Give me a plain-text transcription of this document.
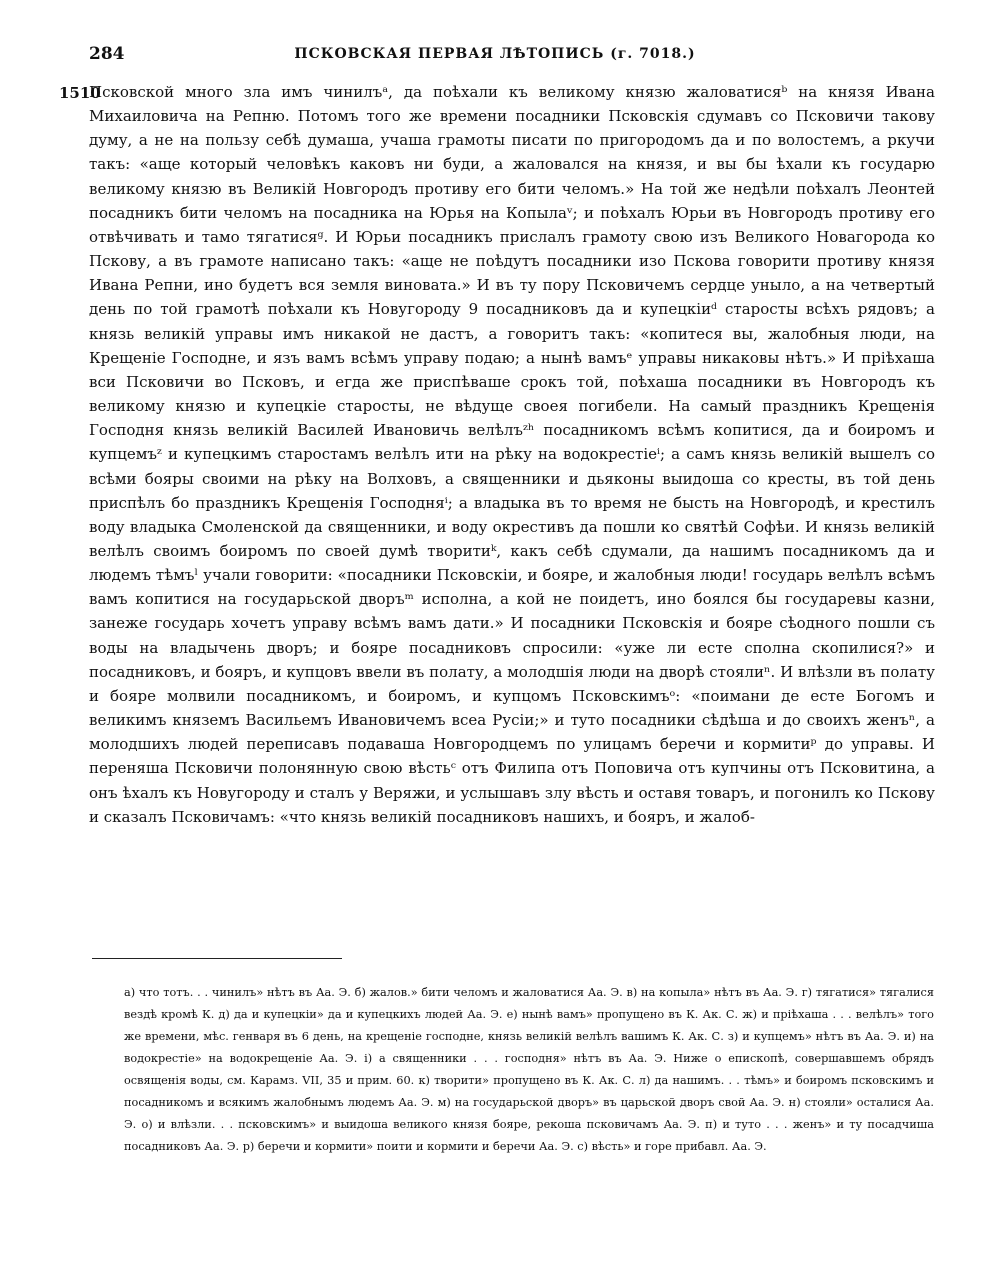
284	ПСКОВСКАЯ ПЕРВАЯ ЛѢТОПИСЬ (г. 7018.)
1510
Псковской много зла имъ чинилъᵃ, да поѣхали къ великому князю жаловатисяᵇ на князя Ивана Михаиловича на Репню. Потомъ того же времени посадники Псковскія сдумавъ со Псковичи такову думу, а не на пользу себѣ думаша, учаша грамоты писати по пригородомъ да и по волостемъ, а ркучи такъ: «аще который человѣкъ каковъ ни буди, а жаловался на князя, и вы бы ѣхали къ государю великому князю въ Великій Новгородъ противу его бити челомъ.» На той же недѣли поѣхалъ Леонтей посадникъ бити челомъ на посадника на Юрья на Копылаᵛ; и поѣхалъ Юрьи въ Новгородъ противу его отвѣчивать и тамо тягатисяᵍ. И Юрьи посадникъ прислалъ грамоту свою изъ Великого Новагорода ко Пскову, а въ грамоте написано такъ: «аще не поѣдутъ посадники изо Пскова говорити противу князя Ивана Репни, ино будетъ вся земля виновата.» И въ ту пору Псковичемъ сердце уныло, а на четвертый день по той грамотѣ поѣхали къ Новугороду 9 посадниковъ да и купецкіиᵈ старосты всѣхъ рядовъ; а князь великій управы имъ никакой не дастъ, а говоритъ такъ: «копитеся вы, жалобныя люди, на Крещеніе Господне, и язъ вамъ всѣмъ управу подаю; а нынѣ вамъᵉ управы никаковы нѣтъ.» И пріѣхаша вси Псковичи во Псковъ, и егда же приспѣваше срокъ той, поѣхаша посадники въ Новгородъ къ великому князю и купецкіе старосты, не вѣдуще своея погибели. На самый праздникъ Крещенія Господня князь великій Василей Ивановичь велѣлъᶻʰ посадникомъ всѣмъ копитися, да и боиромъ и купцемъᶻ и купецкимъ старостамъ велѣлъ ити на рѣку на водокрестіеⁱ; а самъ князь великій вышелъ со всѣми бояры своими на рѣку на Волховъ, а священники и дьяконы выидоша со кресты, въ той день приспѣлъ бо праздникъ Крещенія Господняⁱ; а владыка въ то время не бысть на Новгородѣ, и крестилъ воду владыка Смоленской да священники, и воду окрестивъ да пошли ко святѣй Софѣи. И князь великій велѣлъ своимъ боиромъ по своей думѣ творитиᵏ, какъ себѣ сдумали, да нашимъ посадникомъ да и людемъ тѣмъˡ учали говорити: «посадники Псковскіи, и бояре, и жалобныя люди! государь велѣлъ всѣмъ вамъ копитися на государьской дворъᵐ исполна, а кой не поидетъ, ино боялся бы государевы казни, занеже государь хочетъ управу всѣмъ вамъ дати.» И посадники Псковскія и бояре сѣодного пошли съ воды на владычень дворъ; и бояре посадниковъ спросили: «уже ли есте сполна скопилися?» и посадниковъ, и бояръ, и купцовъ ввели въ полату, а молодшія люди на дворѣ стоялиⁿ. И влѣзли въ полату и бояре молвили посадникомъ, и боиромъ, и купцомъ Псковскимъᵒ: «поимани де есте Богомъ и великимъ княземъ Васильемъ Ивановичемъ всеа Русіи;» и туто посадники сѣдѣша и до своихъ женъⁿ, а молодшихъ людей переписавъ подаваша Новгородцемъ по улицамъ беречи и кормитиᵖ до управы. И переняша Псковичи полонянную свою вѣстьᶜ отъ Филипа отъ Поповича отъ купчины отъ Псковитина, а онъ ѣхалъ къ Новугороду и сталъ у Веряжи, и услышавъ злу вѣсть и оставя товаръ, и погонилъ ко Пскову и сказалъ Псковичамъ: «что князь великій посадниковъ нашихъ, и бояръ, и жалоб-
а) что тотъ. . . чинилъ» нѣтъ въ Аа. Э. б) жалов.» бити челомъ и жаловатися Аа. Э. в) на копыла» нѣтъ въ Аа. Э. г) тягатися» тягалися вездѣ кромѣ К. д) да и купецкіи» да и купецкихъ людей Аа. Э. е) нынѣ вамъ» пропущено въ К. Ак. С. ж) и пріѣхаша . . . велѣлъ» того же времени, мѣс. генваря въ 6 день, на крещеніе господне, князь великій велѣлъ вашимъ К. Ак. С. з) и купцемъ» нѣтъ въ Аа. Э. и) на водокрестіе» на водокрещеніе Аа. Э. і) а священники . . . господня» нѣтъ въ Аа. Э. Ниже о епископѣ, совершавшемъ обрядъ освященія воды, см. Карамз. VII, 35 и прим. 60. к) творити» пропущено въ К. Ак. С. л) да нашимъ. . . тѣмъ» и боиромъ псковскимъ и посадникомъ и всякимъ жалобнымъ людемъ Аа. Э. м) на государьской дворъ» въ царьской дворъ свой Аа. Э. н) стояли» осталися Аа. Э. о) и влѣзли. . . псковскимъ» и выидоша великого князя бояре, рекоша псковичамъ Аа. Э. п) и туто . . . женъ» и ту посадчиша посадниковъ Аа. Э. р) беречи и кормити» поити и кормити и беречи Аа. Э. с) вѣсть» и горе прибавл. Аа. Э.
